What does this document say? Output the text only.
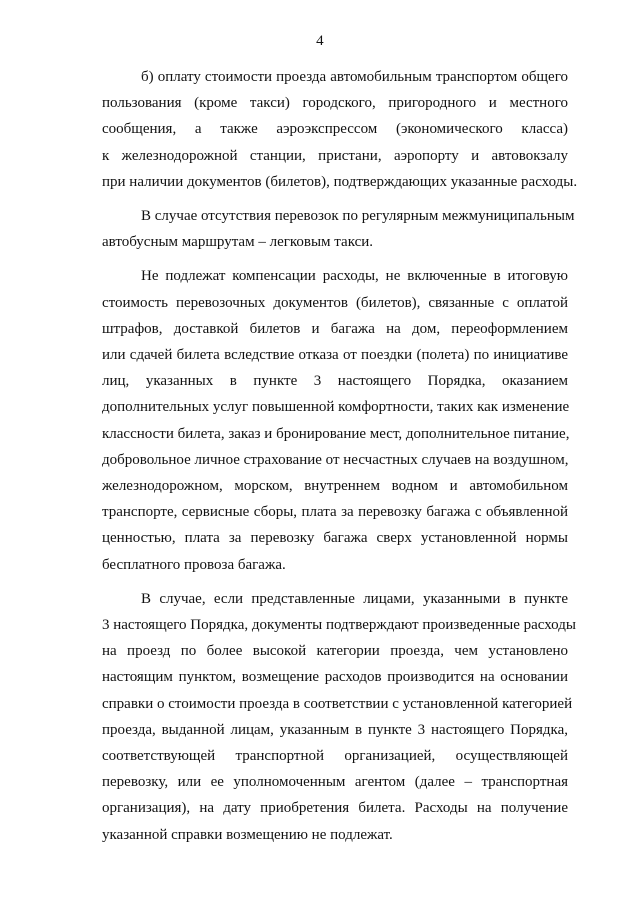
4

б) оплату стоимости проезда автомобильным транспортом общего
пользования (кроме такси) городского, пригородного и местного
сообщения, а также аэроэкспрессом (экономического класса)
к железнодорожной станции, пристани, аэропорту и автовокзалу
при наличии документов (билетов), подтверждающих указанные расходы.

В случае отсутствия перевозок по регулярным межмуниципальным
автобусным маршрутам – легковым такси.

Не подлежат компенсации расходы, не включенные в итоговую
стоимость перевозочных документов (билетов), связанные с оплатой
штрафов, доставкой билетов и багажа на дом, переоформлением
или сдачей билета вследствие отказа от поездки (полета) по инициативе
лиц, указанных в пункте 3 настоящего Порядка, оказанием
дополнительных услуг повышенной комфортности, таких как изменение
классности билета, заказ и бронирование мест, дополнительное питание,
добровольное личное страхование от несчастных случаев на воздушном,
железнодорожном, морском, внутреннем водном и автомобильном
транспорте, сервисные сборы, плата за перевозку багажа с объявленной
ценностью, плата за перевозку багажа сверх установленной нормы
бесплатного провоза багажа.

В случае, если представленные лицами, указанными в пункте
3 настоящего Порядка, документы подтверждают произведенные расходы
на проезд по более высокой категории проезда, чем установлено
настоящим пунктом, возмещение расходов производится на основании
справки о стоимости проезда в соответствии с установленной категорией
проезда, выданной лицам, указанным в пункте 3 настоящего Порядка,
соответствующей транспортной организацией, осуществляющей
перевозку, или ее уполномоченным агентом (далее – транспортная
организация), на дату приобретения билета. Расходы на получение
указанной справки возмещению не подлежат.
